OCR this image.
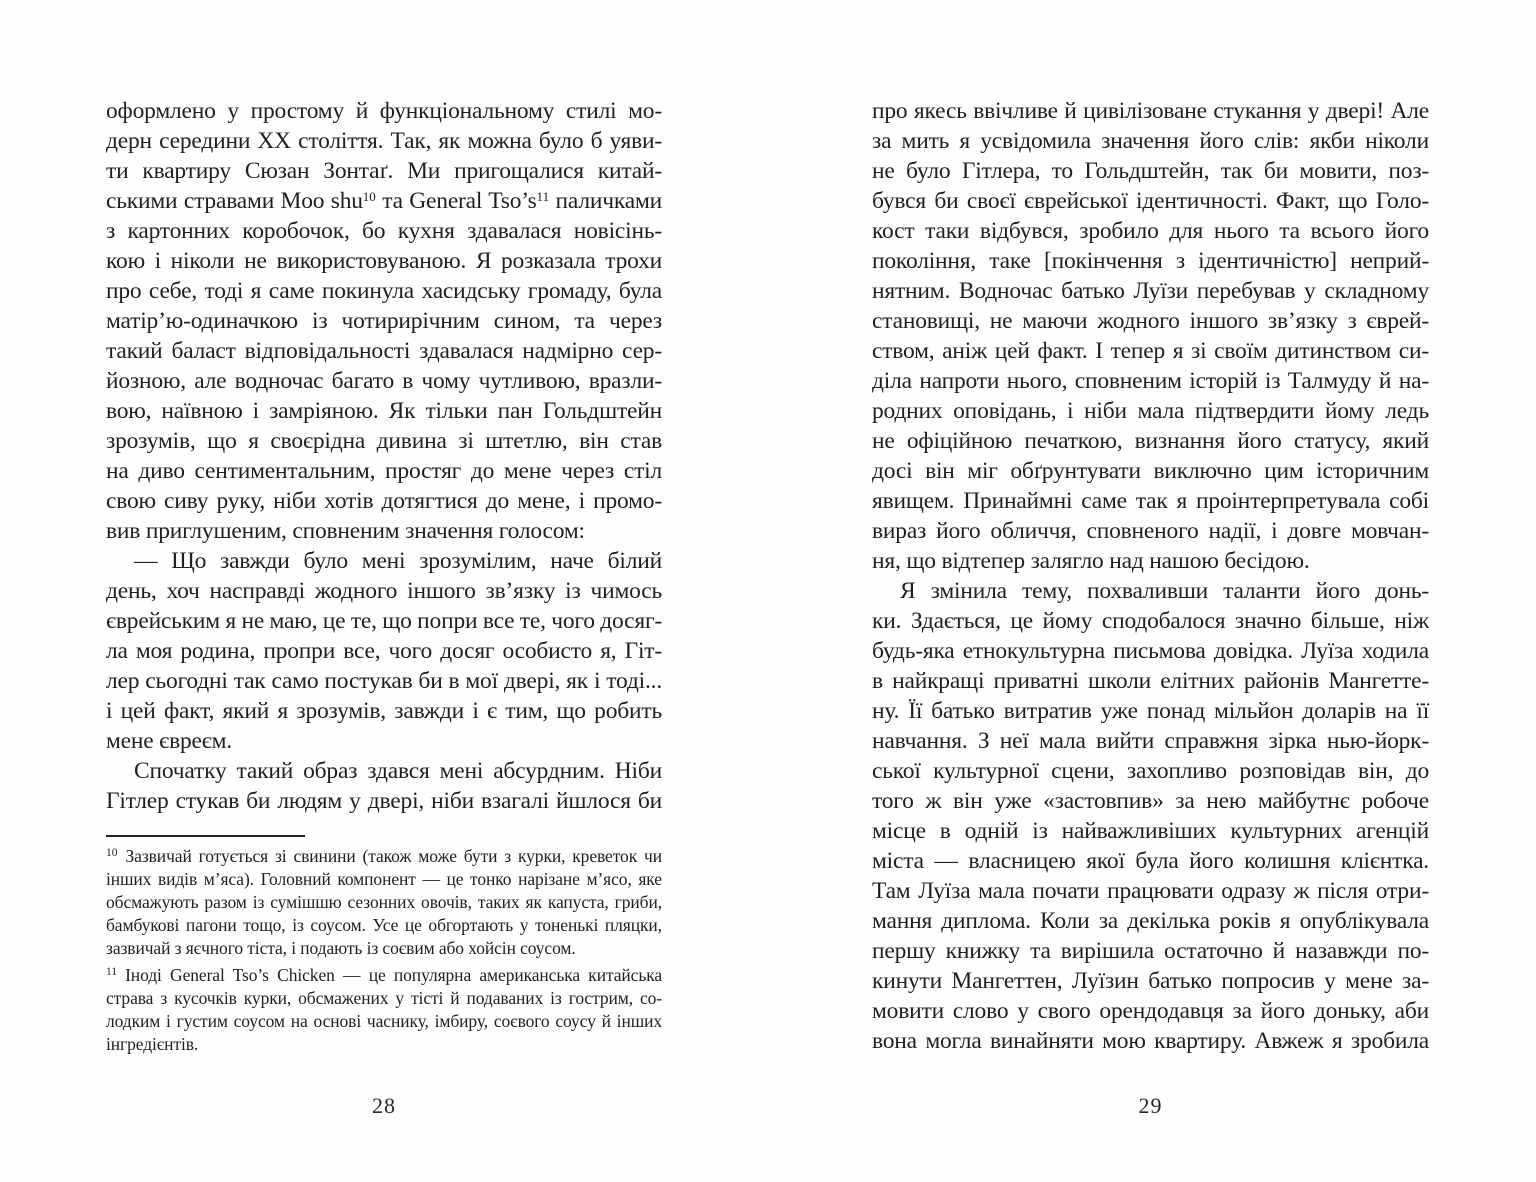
оформлено у простому й функціональному стилі мо-
дерн середини ХХ століття. Так, як можна було б уяви-
ти квартиру Сюзан Зонтаґ. Ми пригощалися китай-
ськими стравами Moo shu$^{10}$ та General $Tso’s^{11}$ паличками
з картонних коробочок, бо кухня здавалася новісінь-
кою і ніколи не використовуваною. Я розказала трохи
про себе, тоді я саме покинула хасидську громаду, була
матір’ю-одиначкою із чотирирічним сином, та через
такий баласт відповідальності здавалася надмірно сер-
йозною, але водночас багато в чому чутливою, вразли-
вою, наївною і замріяною. Як тільки пан Гольдштейн
зрозумів, що я своєрідна дивина зі штетлю, він став
на диво сентиментальним, простяг до мене через стіл
свою сиву руку, ніби хотів дотягтися до мене, і промо-
вив приглушеним, сповненим значення голосом:
— Що завжди було мені зрозумілим, наче білий
день, хоч насправді жодного іншого зв’язку із чимось
єврейським я не маю, це те, що попри все те, чого досяг-
ла моя родина, пропри все, чого досяг особисто я, Гіт-
лер сьогодні так само постукав би в мої двері, як і тоді...
і цей факт, який я зрозумів, завжди і є тим, що робить
мене євреєм.
Спочатку такий образ здався мені абсурдним. Ніби
Гітлер стукав би людям у двері, ніби взагалі йшлося би
$^{10}$ Зазвичай готується зі свинини (також може бути з курки, креветок чи
інших видів м’яса). Головний компонент — це тонко нарізане м’ясо, яке
обсмажують разом із сумішшю сезонних овочів, таких як капуста, гриби,
бамбукові пагони тощо, із соусом. Усе це обгортають у тоненькі пляцки,
зазвичай з яєчного тіста, і подають із соєвим або хойсін соусом.
$^{11}$ Іноді General Tso’s Chicken — це популярна американська китайська
страва з кусочків курки, обсмажених у тісті й подаваних із гострим, со-
лодким і густим соусом на основі часнику, імбиру, соєвого соусу й інших
інгредієнтів.
28
про якесь ввічливе й цивілізоване стукання у двері! Але
за мить я усвідомила значення його слів: якби ніколи
не було Гітлера, то Гольдштейн, так би мовити, поз-
бувся би своєї єврейської ідентичності. Факт, що Голо-
кост таки відбувся, зробило для нього та всього його
покоління, таке [покінчення з ідентичністю] неприй-
нятним. Водночас батько Луїзи перебував у складному
становищі, не маючи жодного іншого зв’язку з єврей-
ством, аніж цей факт. І тепер я зі своїм дитинством си-
діла напроти нього, сповненим історій із Талмуду й на-
родних оповідань, і ніби мала підтвердити йому ледь
не офіційною печаткою, визнання його статусу, який
досі він міг обґрунтувати виключно цим історичним
явищем. Принаймні саме так я проінтерпретувала собі
вираз його обличчя, сповненого надії, і довге мовчан-
ня, що відтепер залягло над нашою бесідою.
Я змінила тему, похваливши таланти його донь-
ки. Здається, це йому сподобалося значно більше, ніж
будь-яка етнокультурна письмова довідка. Луїза ходила
в найкращі приватні школи елітних районів Мангетте-
ну. Її батько витратив уже понад мільйон доларів на її
навчання. З неї мала вийти справжня зірка нью-йорк-
ської культурної сцени, захопливо розповідав він, до
того ж він уже «застовпив» за нею майбутнє робоче
місце в одній із найважливіших культурних агенцій
міста — власницею якої була його колишня клієнтка.
Там Луїза мала почати працювати одразу ж після отри-
мання диплома. Коли за декілька років я опублікувала
першу книжку та вирішила остаточно й назавжди по-
кинути Мангеттен, Луїзин батько попросив у мене за-
мовити слово у свого орендодавця за його доньку, аби
вона могла винайняти мою квартиру. Авжеж я зробила
29
